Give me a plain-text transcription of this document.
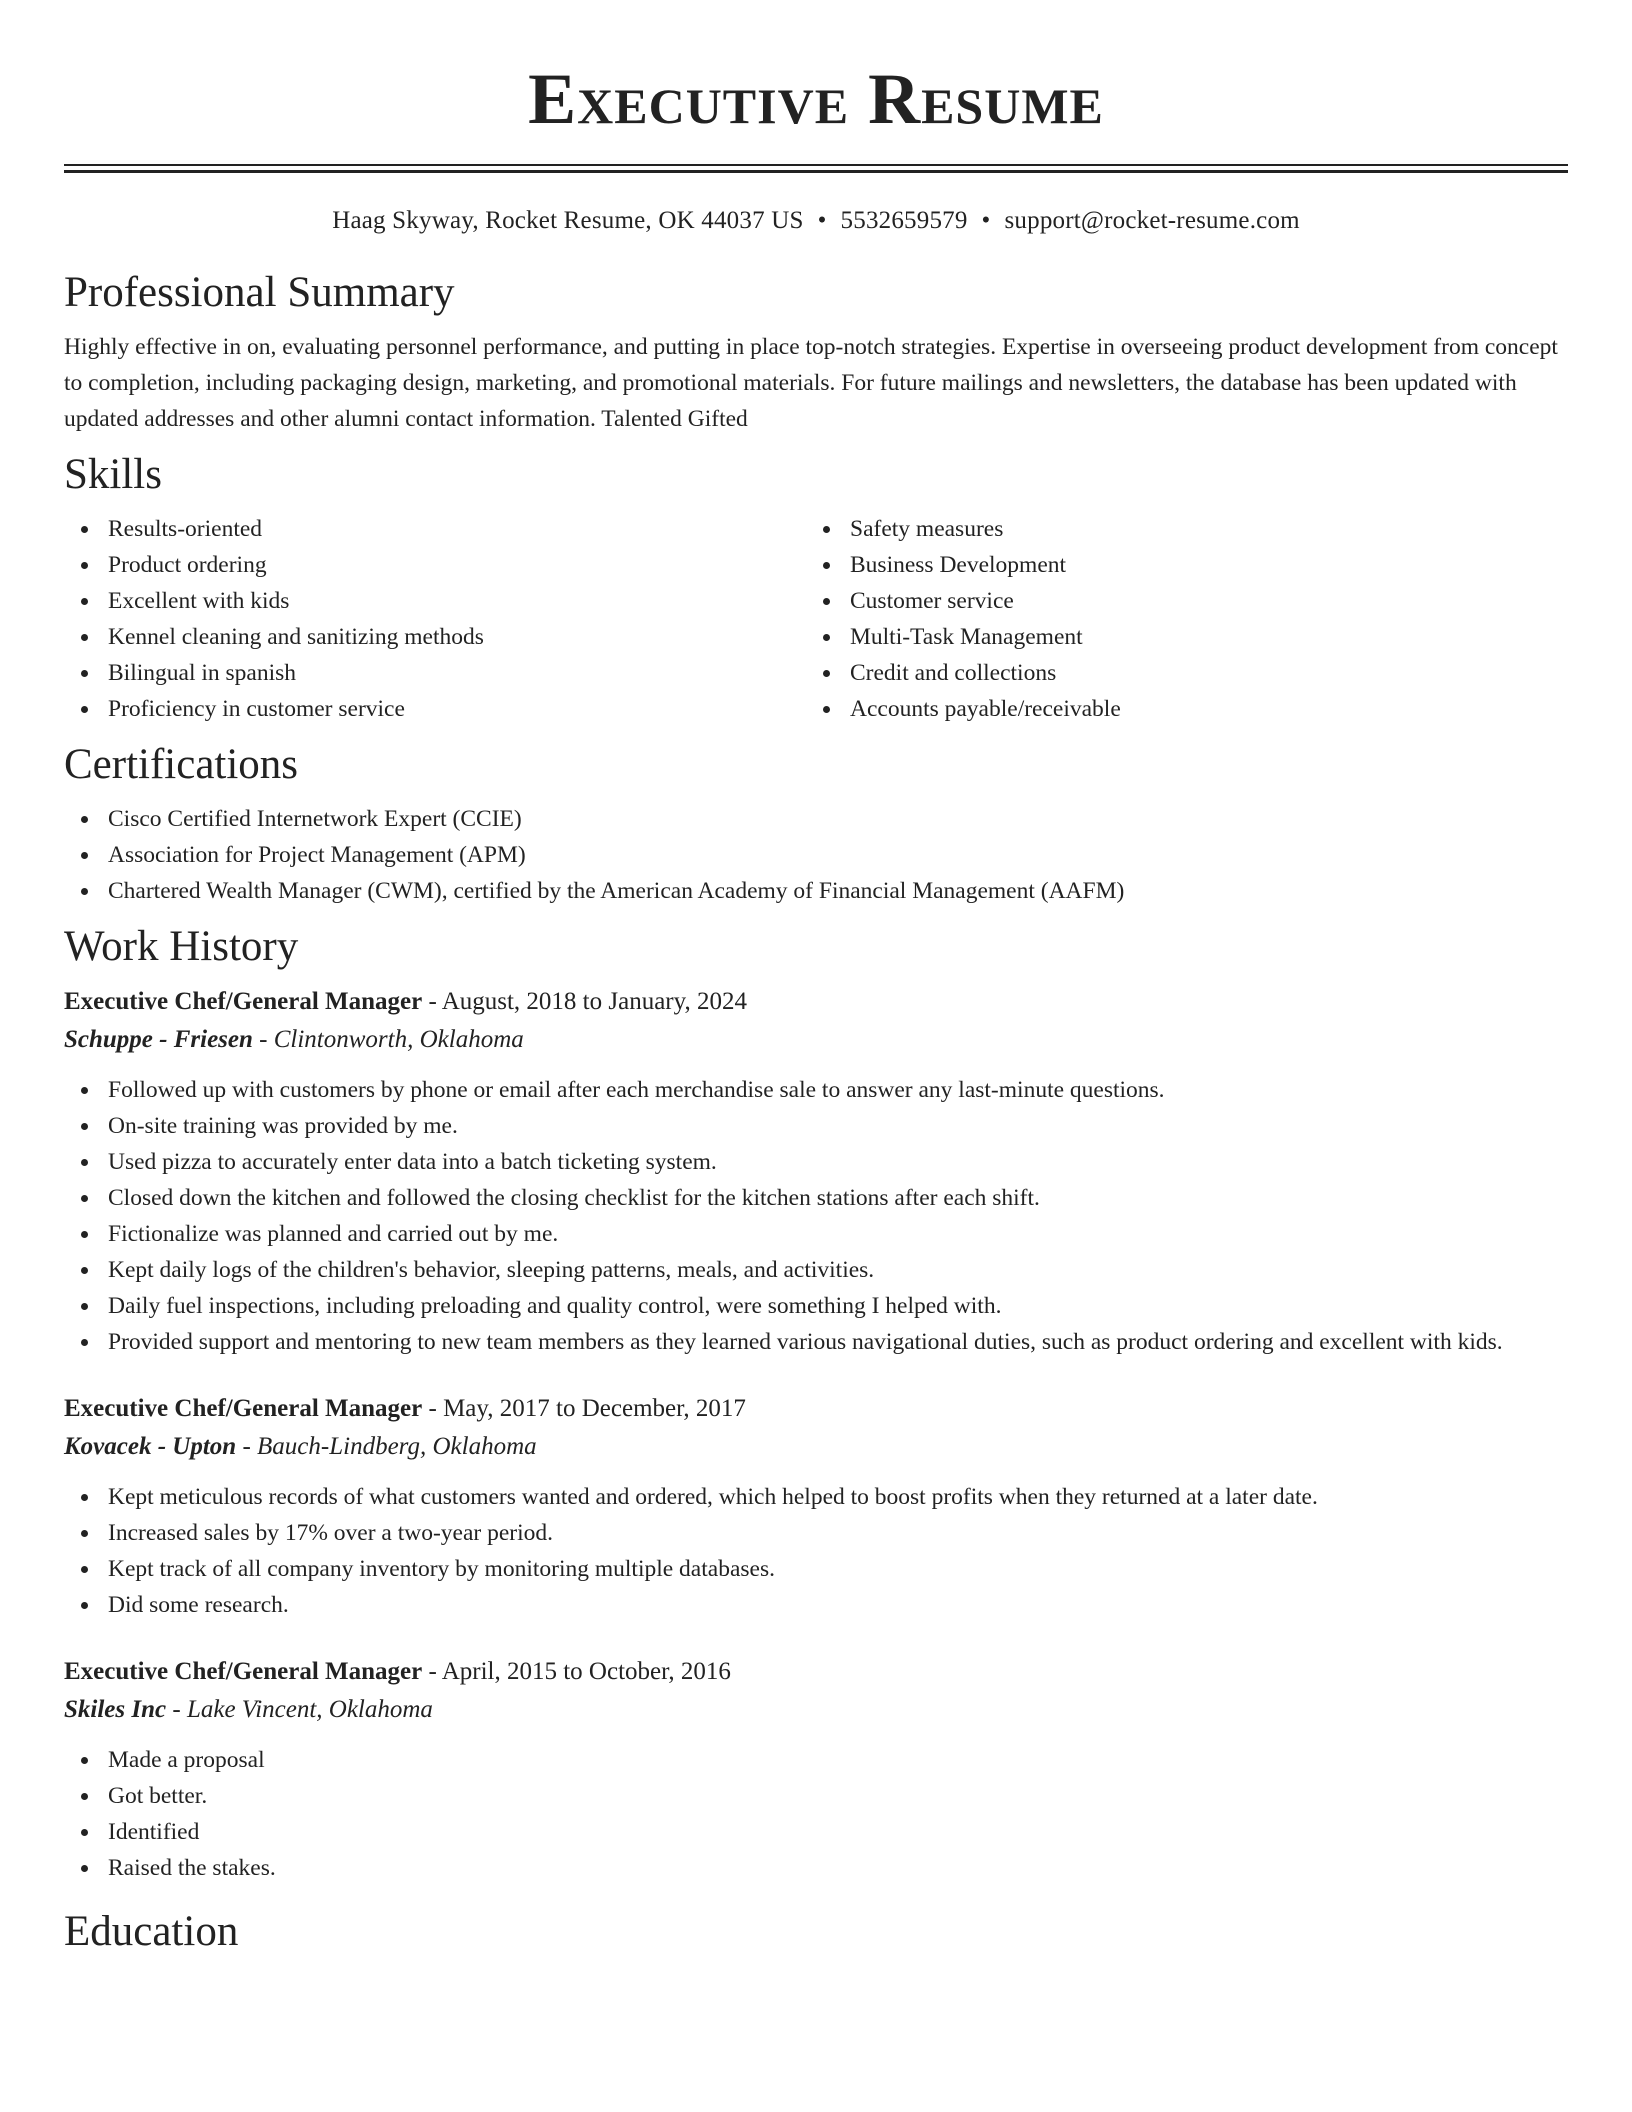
Executive Resume
Haag Skyway, Rocket Resume, OK 44037 US • 5532659579 • support@rocket-resume.com
Professional Summary

Highly effective in on, evaluating personnel performance, and putting in place top-notch strategies. Expertise in overseeing product development from concept to completion, including packaging design, marketing, and promotional materials. For future mailings and newsletters, the database has been updated with updated addresses and other alumni contact information. Talented Gifted

Skills
Results-oriented
Product ordering
Excellent with kids
Kennel cleaning and sanitizing methods
Bilingual in spanish
Proficiency in customer service
Safety measures
Business Development
Customer service
Multi-Task Management
Credit and collections
Accounts payable/receivable
Certifications
Cisco Certified Internetwork Expert (CCIE)
Association for Project Management (APM)
Chartered Wealth Manager (CWM), certified by the American Academy of Financial Management (AAFM)
Work History
Executive Chef/General Manager - August, 2018 to January, 2024
Schuppe - Friesen - Clintonworth, Oklahoma
Followed up with customers by phone or email after each merchandise sale to answer any last-minute questions.
On-site training was provided by me.
Used pizza to accurately enter data into a batch ticketing system.
Closed down the kitchen and followed the closing checklist for the kitchen stations after each shift.
Fictionalize was planned and carried out by me.
Kept daily logs of the children's behavior, sleeping patterns, meals, and activities.
Daily fuel inspections, including preloading and quality control, were something I helped with.
Provided support and mentoring to new team members as they learned various navigational duties, such as product ordering and excellent with kids.
Executive Chef/General Manager - May, 2017 to December, 2017
Kovacek - Upton - Bauch-Lindberg, Oklahoma
Kept meticulous records of what customers wanted and ordered, which helped to boost profits when they returned at a later date.
Increased sales by 17% over a two-year period.
Kept track of all company inventory by monitoring multiple databases.
Did some research.
Executive Chef/General Manager - April, 2015 to October, 2016
Skiles Inc - Lake Vincent, Oklahoma
Made a proposal
Got better.
Identified
Raised the stakes.
Education
